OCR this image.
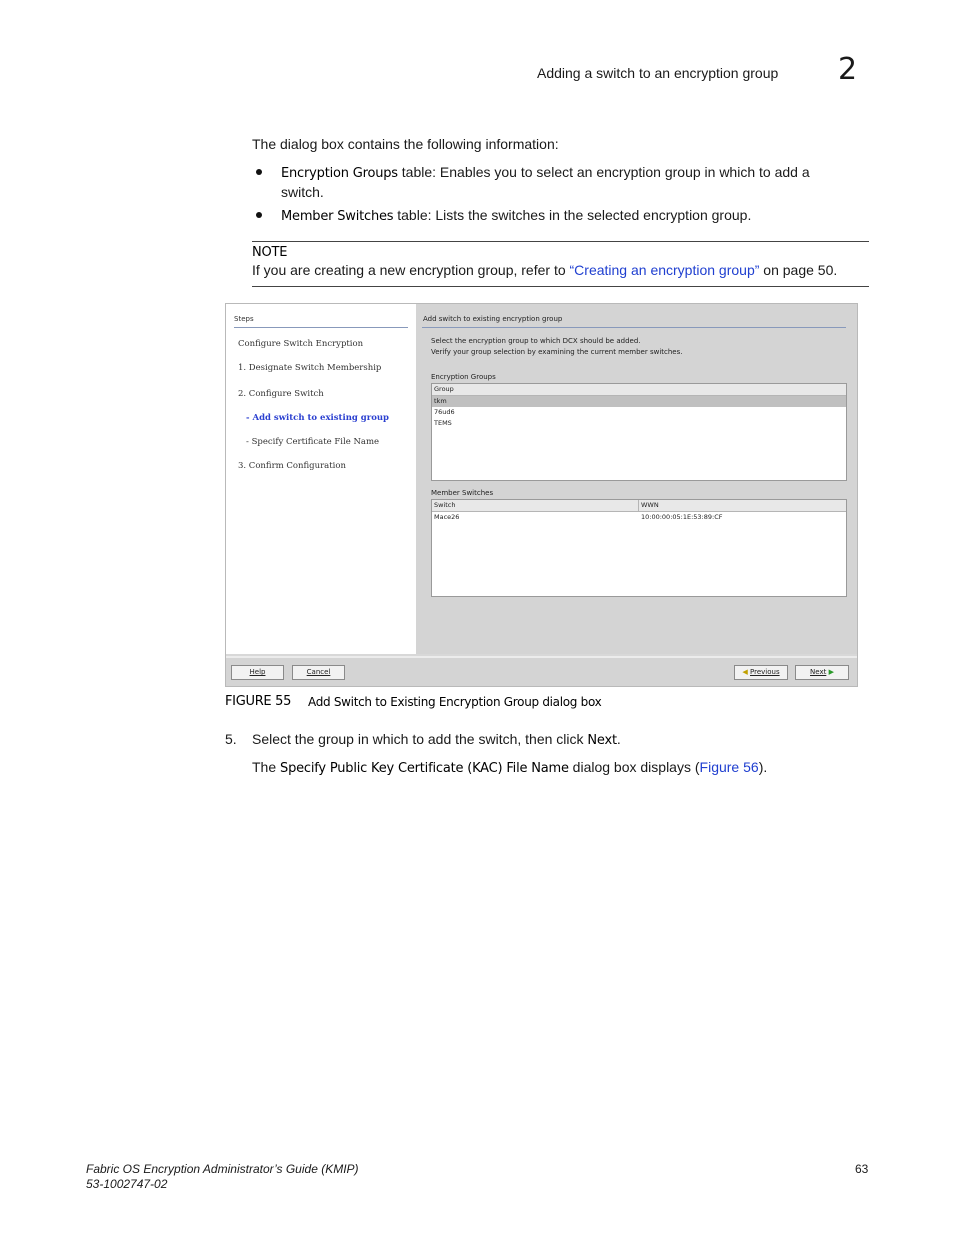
Adding a switch to an encryption group 2
The dialog box contains the following information:
Encryption Groups table: Enables you to select an encryption group in which to add a
switch.
Member Switches table: Lists the switches in the selected encryption group.
NOTE
If you are creating a new encryption group, refer to “Creating an encryption group” on page 50.
Steps
Configure Switch Encryption
1. Designate Switch Membership
2. Configure Switch
- Add switch to existing group
- Specify Certificate File Name
3. Confirm Configuration
Add switch to existing encryption group
Select the encryption group to which DCX should be added.
Verify your group selection by examining the current member switches.
Encryption Groups
Group
tkm
76ud6
TEMS
Member Switches
Switch	WWN
Mace26	10:00:00:05:1E:53:89:CF
Help	Cancel	◀ Previous	Next ▶
FIGURE 55 Add Switch to Existing Encryption Group dialog box
5. Select the group in which to add the switch, then click Next.
The Specify Public Key Certificate (KAC) File Name dialog box displays (Figure 56).
Fabric OS Encryption Administrator’s Guide (KMIP)
53-1002747-02
63
